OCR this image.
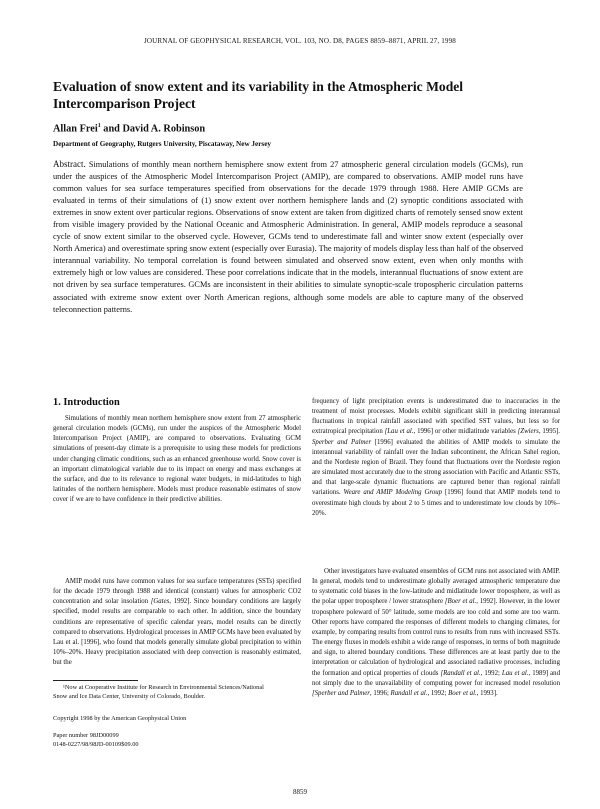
JOURNAL OF GEOPHYSICAL RESEARCH, VOL. 103, NO. D8, PAGES 8859–8871, APRIL 27, 1998
Evaluation of snow extent and its variability in the Atmospheric Model Intercomparison Project
Allan Frei$^1$ and David A. Robinson
Department of Geography, Rutgers University, Piscataway, New Jersey

Abstract. Simulations of monthly mean northern hemisphere snow extent from 27 atmospheric general circulation models (GCMs), run under the auspices of the Atmospheric Model Intercomparison Project (AMIP), are compared to observations. AMIP model runs have common values for sea surface temperatures specified from observations for the decade 1979 through 1988. Here AMIP GCMs are evaluated in terms of their simulations of (1) snow extent over northern hemisphere lands and (2) synoptic conditions associated with extremes in snow extent over particular regions. Observations of snow extent are taken from digitized charts of remotely sensed snow extent from visible imagery provided by the National Oceanic and Atmospheric Administration. In general, AMIP models reproduce a seasonal cycle of snow extent similar to the observed cycle. However, GCMs tend to underestimate fall and winter snow extent (especially over North America) and overestimate spring snow extent (especially over Eurasia). The majority of models display less than half of the observed interannual variability. No temporal correlation is found between simulated and observed snow extent, even when only months with extremely high or low values are considered. These poor correlations indicate that in the models, interannual fluctuations of snow extent are not driven by sea surface temperatures. GCMs are inconsistent in their abilities to simulate synoptic-scale tropospheric circulation patterns associated with extreme snow extent over North American regions, although some models are able to capture many of the observed teleconnection patterns.

1. Introduction

Simulations of monthly mean northern hemisphere snow extent from 27 atmospheric general circulation models (GCMs), run under the auspices of the Atmospheric Model Intercomparison Project (AMIP), are compared to observations. Evaluating GCM simulations of present-day climate is a prerequisite to using these models for predictions under changing climatic conditions, such as an enhanced greenhouse world. Snow cover is an important climatological variable due to its impact on energy and mass exchanges at the surface, and due to its relevance to regional water budgets, in mid-latitudes to high latitudes of the northern hemisphere. Models must produce reasonable estimates of snow cover if we are to have confidence in their predictive abilities.

AMIP model runs have common values for sea surface temperatures (SSTs) specified for the decade 1979 through 1988 and identical (constant) values for atmospheric CO2 concentration and solar insolation [Gates, 1992]. Since boundary conditions are largely specified, model results are comparable to each other. In addition, since the boundary conditions are representative of specific calendar years, model results can be directly compared to observations. Hydrological processes in AMIP GCMs have been evaluated by Lau et al. [1996], who found that models generally simulate global precipitation to within 10%–20%. Heavy precipitation associated with deep convection is reasonably estimated, but the

frequency of light precipitation events is underestimated due to inaccuracies in the treatment of moist processes. Models exhibit significant skill in predicting interannual fluctuations in tropical rainfall associated with specified SST values, but less so for extratropical precipitation [Lau et al., 1996] or other midlatitude variables [Zwiers, 1995]. Sperber and Palmer [1996] evaluated the abilities of AMIP models to simulate the interannual variability of rainfall over the Indian subcontinent, the African Sahel region, and the Nordeste region of Brazil. They found that fluctuations over the Nordeste region are simulated most accurately due to the strong association with Pacific and Atlantic SSTs, and that large-scale dynamic fluctuations are captured better than regional rainfall variations. Weare and AMIP Modeling Group [1996] found that AMIP models tend to overestimate high clouds by about 2 to 5 times and to underestimate low clouds by 10%–20%.

Other investigators have evaluated ensembles of GCM runs not associated with AMIP. In general, models tend to underestimate globally averaged atmospheric temperature due to systematic cold biases in the low-latitude and midlatitude lower troposphere, as well as the polar upper troposphere / lower stratosphere [Boer et al., 1992]. However, in the lower troposphere poleward of 50° latitude, some models are too cold and some are too warm. Other reports have compared the responses of different models to changing climates, for example, by comparing results from control runs to results from runs with increased SSTs. The energy fluxes in models exhibit a wide range of responses, in terms of both magnitude and sign, to altered boundary conditions. These differences are at least partly due to the interpretation or calculation of hydrological and associated radiative processes, including the formation and optical properties of clouds [Randall et al., 1992; Lau et al., 1989] and not simply due to the unavailability of computing power for increased model resolution [Sperber and Palmer, 1996; Randall et al., 1992; Boer et al., 1993].

¹Now at Cooperative Institute for Research in Environmental Sciences/National Snow and Ice Data Center, University of Colorado, Boulder.

Copyright 1998 by the American Geophysical Union

Paper number 98JD00099

0148-0227/98/98JD-00109$09.00

8859
